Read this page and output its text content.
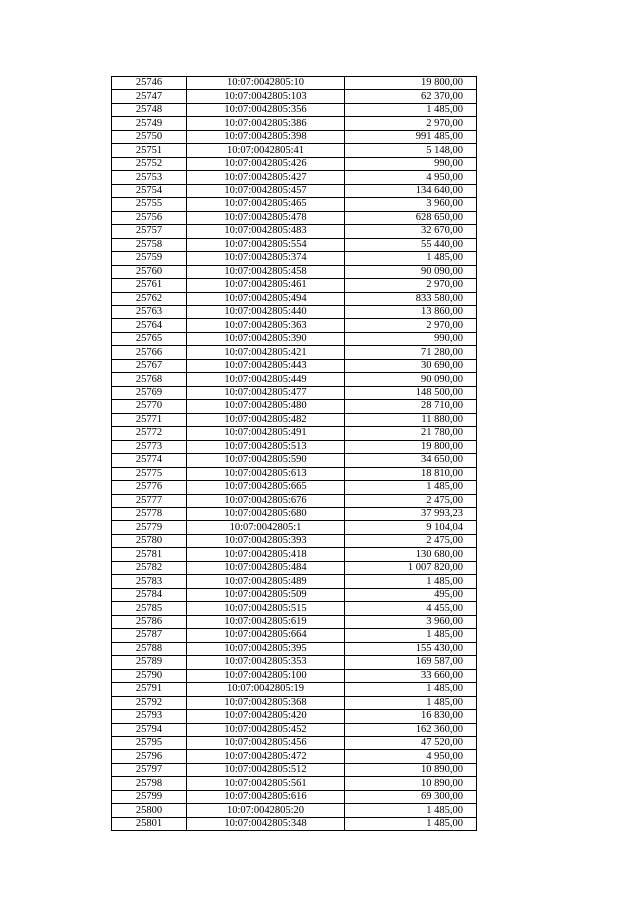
25746	10:07:0042805:10	19 800,00
25747	10:07:0042805:103	62 370,00
25748	10:07:0042805:356	1 485,00
25749	10:07:0042805:386	2 970,00
25750	10:07:0042805:398	991 485,00
25751	10:07:0042805:41	5 148,00
25752	10:07:0042805:426	990,00
25753	10:07:0042805:427	4 950,00
25754	10:07:0042805:457	134 640,00
25755	10:07:0042805:465	3 960,00
25756	10:07:0042805:478	628 650,00
25757	10:07:0042805:483	32 670,00
25758	10:07:0042805:554	55 440,00
25759	10:07:0042805:374	1 485,00
25760	10:07:0042805:458	90 090,00
25761	10:07:0042805:461	2 970,00
25762	10:07:0042805:494	833 580,00
25763	10:07:0042805:440	13 860,00
25764	10:07:0042805:363	2 970,00
25765	10:07:0042805:390	990,00
25766	10:07:0042805:421	71 280,00
25767	10:07:0042805:443	30 690,00
25768	10:07:0042805:449	90 090,00
25769	10:07:0042805:477	148 500,00
25770	10:07:0042805:480	28 710,00
25771	10:07:0042805:482	11 880,00
25772	10:07:0042805:491	21 780,00
25773	10:07:0042805:513	19 800,00
25774	10:07:0042805:590	34 650,00
25775	10:07:0042805:613	18 810,00
25776	10:07:0042805:665	1 485,00
25777	10:07:0042805:676	2 475,00
25778	10:07:0042805:680	37 993,23
25779	10:07:0042805:1	9 104,04
25780	10:07:0042805:393	2 475,00
25781	10:07:0042805:418	130 680,00
25782	10:07:0042805:484	1 007 820,00
25783	10:07:0042805:489	1 485,00
25784	10:07:0042805:509	495,00
25785	10:07:0042805:515	4 455,00
25786	10:07:0042805:619	3 960,00
25787	10:07:0042805:664	1 485,00
25788	10:07:0042805:395	155 430,00
25789	10:07:0042805:353	169 587,00
25790	10:07:0042805:100	33 660,00
25791	10:07:0042805:19	1 485,00
25792	10:07:0042805:368	1 485,00
25793	10:07:0042805:420	16 830,00
25794	10:07:0042805:452	162 360,00
25795	10:07:0042805:456	47 520,00
25796	10:07:0042805:472	4 950,00
25797	10:07:0042805:512	10 890,00
25798	10:07:0042805:561	10 890,00
25799	10:07:0042805:616	69 300,00
25800	10:07:0042805:20	1 485,00
25801	10:07:0042805:348	1 485,00
